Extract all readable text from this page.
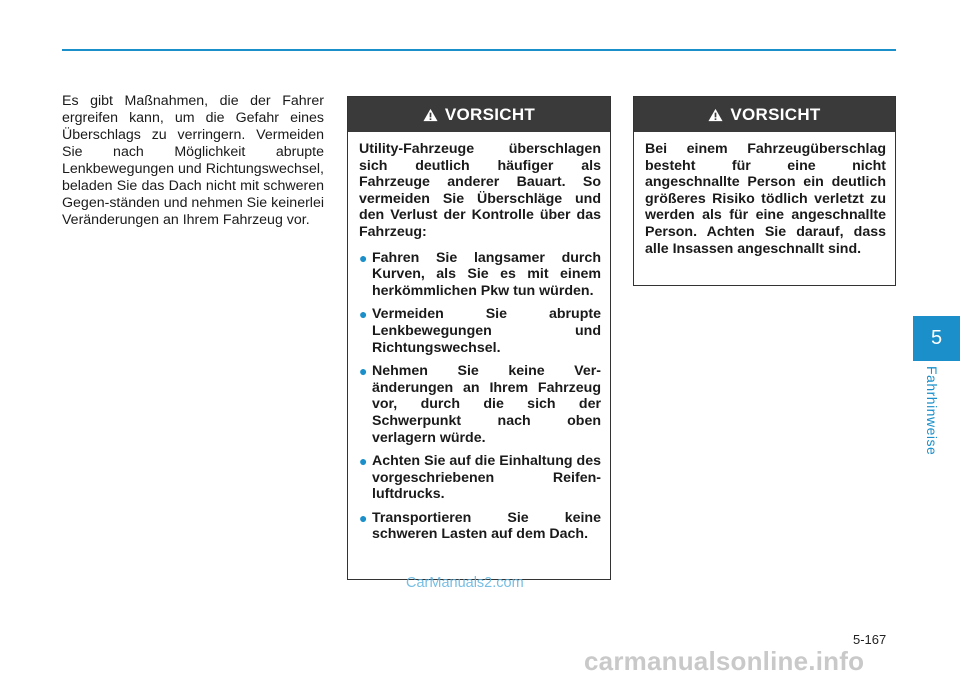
Es gibt Maßnahmen, die der Fahrer ergreifen kann, um die Gefahr eines Überschlags zu verringern. Vermeiden Sie nach Möglichkeit abrupte Lenkbewegungen und Richtungswechsel, beladen Sie das Dach nicht mit schweren Gegen-ständen und nehmen Sie keinerlei Veränderungen an Ihrem Fahrzeug vor.
VORSICHT
Utility-Fahrzeuge überschlagen sich deutlich häufiger als Fahrzeuge anderer Bauart. So vermeiden Sie Überschläge und den Verlust der Kontrolle über das Fahrzeug:
● Fahren Sie langsamer durch Kurven, als Sie es mit einem herkömmlichen Pkw tun würden.
● Vermeiden Sie abrupte Lenkbewegungen und Richtungswechsel.
● Nehmen Sie keine Ver-änderungen an Ihrem Fahrzeug vor, durch die sich der Schwerpunkt nach oben verlagern würde.
● Achten Sie auf die Einhaltung des vorgeschriebenen Reifen-luftdrucks.
● Transportieren Sie keine schweren Lasten auf dem Dach.
VORSICHT
Bei einem Fahrzeugüberschlag besteht für eine nicht angeschnallte Person ein deutlich größeres Risiko tödlich verletzt zu werden als für eine angeschnallte Person. Achten Sie darauf, dass alle Insassen angeschnallt sind.
5
Fahrhinweise
CarManuals2.com
5-167
carmanualsonline.info
